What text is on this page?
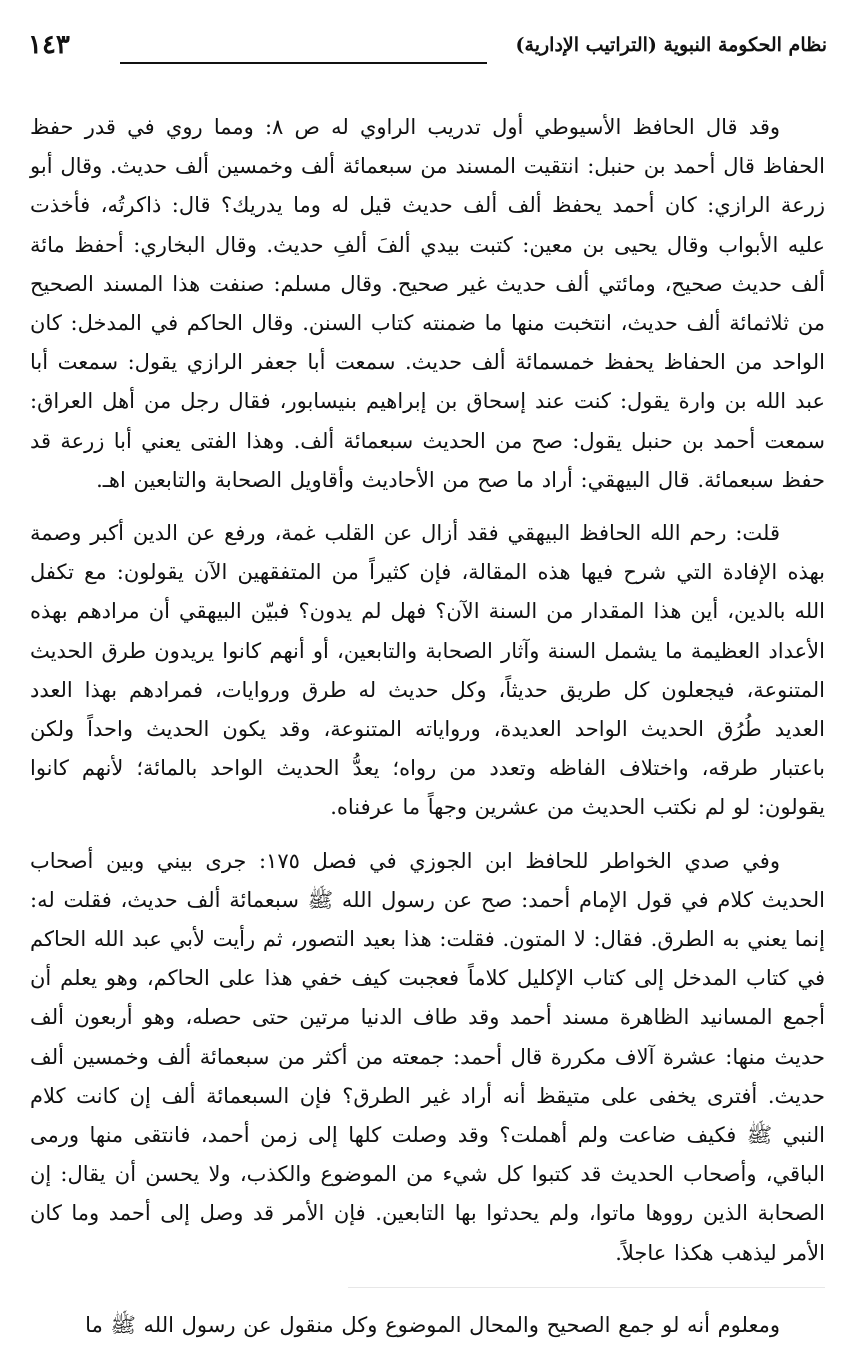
نظام الحكومة النبوية (التراتيب الإدارية)
١٤٣

وقد قال الحافظ الأسيوطي أول تدريب الراوي له ص ٨: ومما روي في قدر حفظ الحفاظ قال أحمد بن حنبل: انتقيت المسند من سبعمائة ألف وخمسين ألف حديث. وقال أبو زرعة الرازي: كان أحمد يحفظ ألف ألف حديث قيل له وما يدريك؟ قال: ذاكرتُه، فأخذت عليه الأبواب وقال يحيى بن معين: كتبت بيدي ألفَ ألفِ حديث. وقال البخاري: أحفظ مائة ألف حديث صحيح، ومائتي ألف حديث غير صحيح. وقال مسلم: صنفت هذا المسند الصحيح من ثلاثمائة ألف حديث، انتخبت منها ما ضمنته كتاب السنن. وقال الحاكم في المدخل: كان الواحد من الحفاظ يحفظ خمسمائة ألف حديث. سمعت أبا جعفر الرازي يقول: سمعت أبا عبد الله بن وارة يقول: كنت عند إسحاق بن إبراهيم بنيسابور، فقال رجل من أهل العراق: سمعت أحمد بن حنبل يقول: صح من الحديث سبعمائة ألف. وهذا الفتى يعني أبا زرعة قد حفظ سبعمائة. قال البيهقي: أراد ما صح من الأحاديث وأقاويل الصحابة والتابعين اهـ.

قلت: رحم الله الحافظ البيهقي فقد أزال عن القلب غمة، ورفع عن الدين أكبر وصمة بهذه الإفادة التي شرح فيها هذه المقالة، فإن كثيراً من المتفقهين الآن يقولون: مع تكفل الله بالدين، أين هذا المقدار من السنة الآن؟ فهل لم يدون؟ فبيّن البيهقي أن مرادهم بهذه الأعداد العظيمة ما يشمل السنة وآثار الصحابة والتابعين، أو أنهم كانوا يريدون طرق الحديث المتنوعة، فيجعلون كل طريق حديثاً، وكل حديث له طرق وروايات، فمرادهم بهذا العدد العديد طُرُق الحديث الواحد العديدة، ورواياته المتنوعة، وقد يكون الحديث واحداً ولكن باعتبار طرقه، واختلاف الفاظه وتعدد من رواه؛ يعدُّ الحديث الواحد بالمائة؛ لأنهم كانوا يقولون: لو لم نكتب الحديث من عشرين وجهاً ما عرفناه.

وفي صدي الخواطر للحافظ ابن الجوزي في فصل ١٧٥: جرى بيني وبين أصحاب الحديث كلام في قول الإمام أحمد: صح عن رسول الله ﷺ سبعمائة ألف حديث، فقلت له: إنما يعني به الطرق. فقال: لا المتون. فقلت: هذا بعيد التصور، ثم رأيت لأبي عبد الله الحاكم في كتاب المدخل إلى كتاب الإكليل كلاماً فعجبت كيف خفي هذا على الحاكم، وهو يعلم أن أجمع المسانيد الظاهرة مسند أحمد وقد طاف الدنيا مرتين حتى حصله، وهو أربعون ألف حديث منها: عشرة آلاف مكررة قال أحمد: جمعته من أكثر من سبعمائة ألف وخمسين ألف حديث. أفترى يخفى على متيقظ أنه أراد غير الطرق؟ فإن السبعمائة ألف إن كانت كلام النبي ﷺ فكيف ضاعت ولم أهملت؟ وقد وصلت كلها إلى زمن أحمد، فانتقى منها ورمى الباقي، وأصحاب الحديث قد كتبوا كل شيء من الموضوع والكذب، ولا يحسن أن يقال: إن الصحابة الذين رووها ماتوا، ولم يحدثوا بها التابعين. فإن الأمر قد وصل إلى أحمد وما كان الأمر ليذهب هكذا عاجلاً.

ومعلوم أنه لو جمع الصحيح والمحال الموضوع وكل منقول عن رسول الله ﷺ ما
